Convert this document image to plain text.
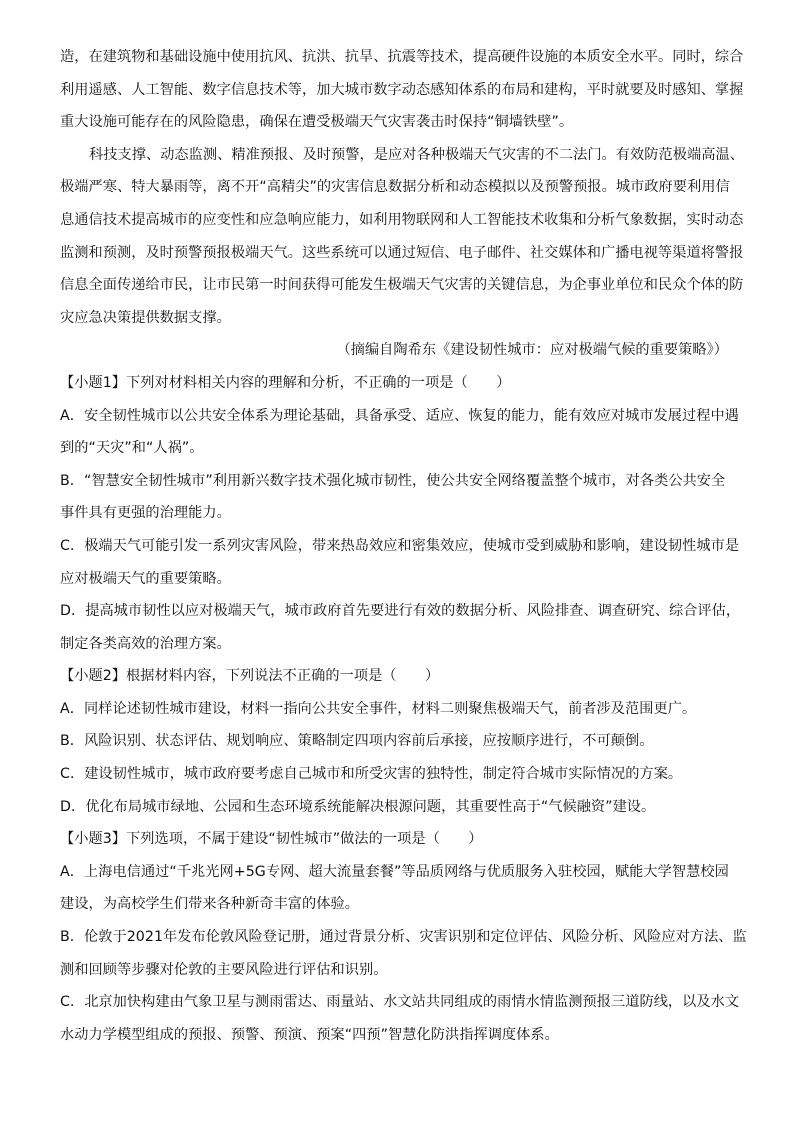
造，在建筑物和基础设施中使用抗风、抗洪、抗旱、抗震等技术，提高硬件设施的本质安全水平。同时，综合
利用遥感、人工智能、数字信息技术等，加大城市数字动态感知体系的布局和建构，平时就要及时感知、掌握
重大设施可能存在的风险隐患，确保在遭受极端天气灾害袭击时保持“铜墙铁壁”。
科技支撑、动态监测、精准预报、及时预警，是应对各种极端天气灾害的不二法门。有效防范极端高温、
极端严寒、特大暴雨等，离不开“高精尖”的灾害信息数据分析和动态模拟以及预警预报。城市政府要利用信
息通信技术提高城市的应变性和应急响应能力，如利用物联网和人工智能技术收集和分析气象数据，实时动态
监测和预测，及时预警预报极端天气。这些系统可以通过短信、电子邮件、社交媒体和广播电视等渠道将警报
信息全面传递给市民，让市民第一时间获得可能发生极端天气灾害的关键信息，为企事业单位和民众个体的防
灾应急决策提供数据支撑。
（摘编自陶希东《建设韧性城市：应对极端气候的重要策略》）
【小题1】下列对材料相关内容的理解和分析，不正确的一项是（　　）
A．安全韧性城市以公共安全体系为理论基础，具备承受、适应、恢复的能力，能有效应对城市发展过程中遇
到的“天灾”和“人祸”。
B．“智慧安全韧性城市”利用新兴数字技术强化城市韧性，使公共安全网络覆盖整个城市，对各类公共安全
事件具有更强的治理能力。
C．极端天气可能引发一系列灾害风险，带来热岛效应和密集效应，使城市受到威胁和影响，建设韧性城市是
应对极端天气的重要策略。
D．提高城市韧性以应对极端天气，城市政府首先要进行有效的数据分析、风险排查、调查研究、综合评估，
制定各类高效的治理方案。
【小题2】根据材料内容，下列说法不正确的一项是（　　）
A．同样论述韧性城市建设，材料一指向公共安全事件，材料二则聚焦极端天气，前者涉及范围更广。
B．风险识别、状态评估、规划响应、策略制定四项内容前后承接，应按顺序进行，不可颠倒。
C．建设韧性城市，城市政府要考虑自己城市和所受灾害的独特性，制定符合城市实际情况的方案。
D．优化布局城市绿地、公园和生态环境系统能解决根源问题，其重要性高于“气候融资”建设。
【小题3】下列选项，不属于建设“韧性城市”做法的一项是（　　）
A．上海电信通过“千兆光网+5G专网、超大流量套餐”等品质网络与优质服务入驻校园，赋能大学智慧校园
建设，为高校学生们带来各种新奇丰富的体验。
B．伦敦于2021年发布伦敦风险登记册，通过背景分析、灾害识别和定位评估、风险分析、风险应对方法、监
测和回顾等步骤对伦敦的主要风险进行评估和识别。
C．北京加快构建由气象卫星与测雨雷达、雨量站、水文站共同组成的雨情水情监测预报三道防线，以及水文
水动力学模型组成的预报、预警、预演、预案“四预”智慧化防洪指挥调度体系。
